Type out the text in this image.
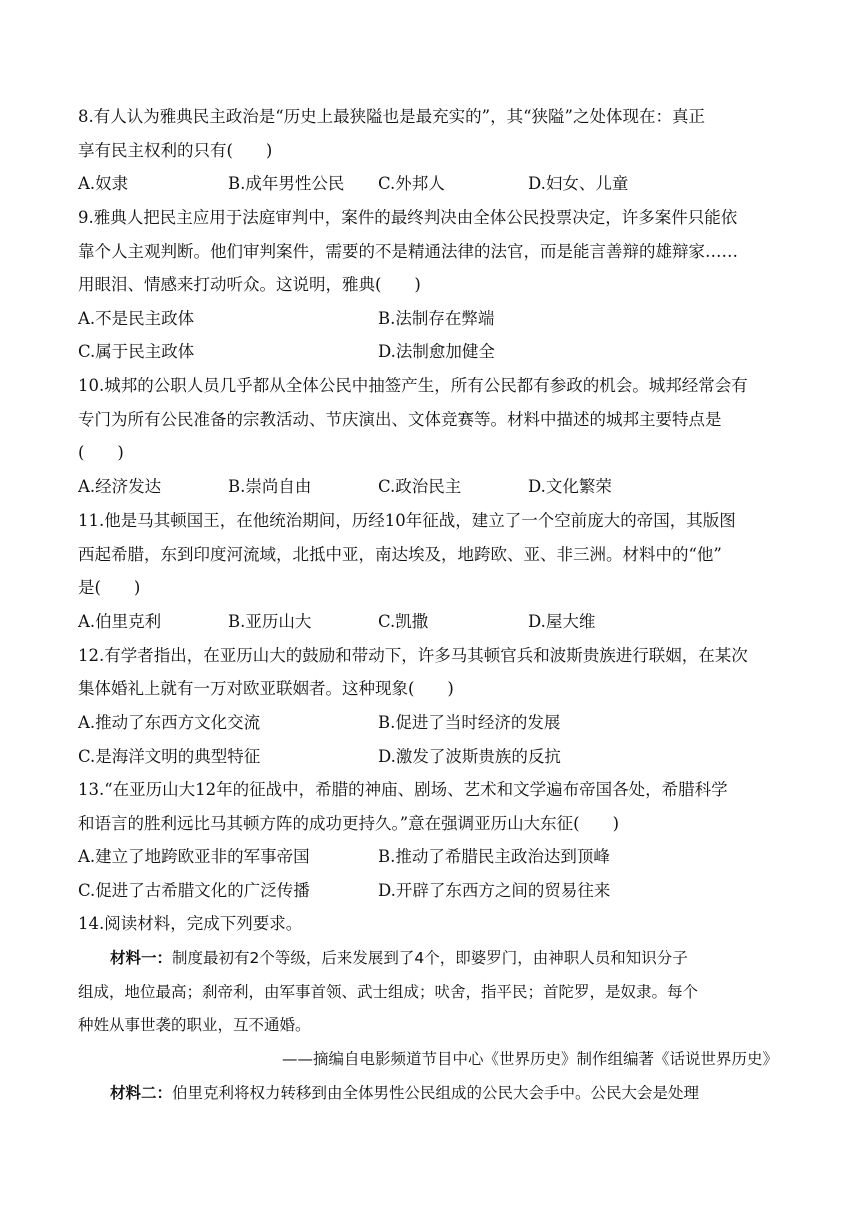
8.有人认为雅典民主政治是“历史上最狭隘也是最充实的”，其“狭隘”之处体现在：真正
享有民主权利的只有(　　)
A.奴隶	B.成年男性公民 C.外邦人	D.妇女、儿童
9.雅典人把民主应用于法庭审判中，案件的最终判决由全体公民投票决定，许多案件只能依
靠个人主观判断。他们审判案件，需要的不是精通法律的法官，而是能言善辩的雄辩家……
用眼泪、情感来打动听众。这说明，雅典(　　)
A.不是民主政体	B.法制存在弊端
C.属于民主政体	D.法制愈加健全
10.城邦的公职人员几乎都从全体公民中抽签产生，所有公民都有参政的机会。城邦经常会有
专门为所有公民准备的宗教活动、节庆演出、文体竞赛等。材料中描述的城邦主要特点是
(　　)
A.经济发达	B.崇尚自由	C.政治民主	D.文化繁荣
11.他是马其顿国王，在他统治期间，历经10年征战，建立了一个空前庞大的帝国，其版图
西起希腊，东到印度河流域，北抵中亚，南达埃及，地跨欧、亚、非三洲。材料中的“他”
是(　　)
A.伯里克利	B.亚历山大	C.凯撒	D.屋大维
12.有学者指出，在亚历山大的鼓励和带动下，许多马其顿官兵和波斯贵族进行联姻，在某次
集体婚礼上就有一万对欧亚联姻者。这种现象(　　)
A.推动了东西方文化交流	B.促进了当时经济的发展
C.是海洋文明的典型特征	D.激发了波斯贵族的反抗
13.“在亚历山大12年的征战中，希腊的神庙、剧场、艺术和文学遍布帝国各处，希腊科学
和语言的胜利远比马其顿方阵的成功更持久。”意在强调亚历山大东征(　　)
A.建立了地跨欧亚非的军事帝国	B.推动了希腊民主政治达到顶峰
C.促进了古希腊文化的广泛传播	D.开辟了东西方之间的贸易往来
14.阅读材料，完成下列要求。
材料一：制度最初有2个等级，后来发展到了4个，即婆罗门，由神职人员和知识分子
组成，地位最高；刹帝利，由军事首领、武士组成；吠舍，指平民；首陀罗，是奴隶。每个
种姓从事世袭的职业，互不通婚。
——摘编自电影频道节目中心《世界历史》制作组编著《话说世界历史》
材料二：伯里克利将权力转移到由全体男性公民组成的公民大会手中。公民大会是处理
